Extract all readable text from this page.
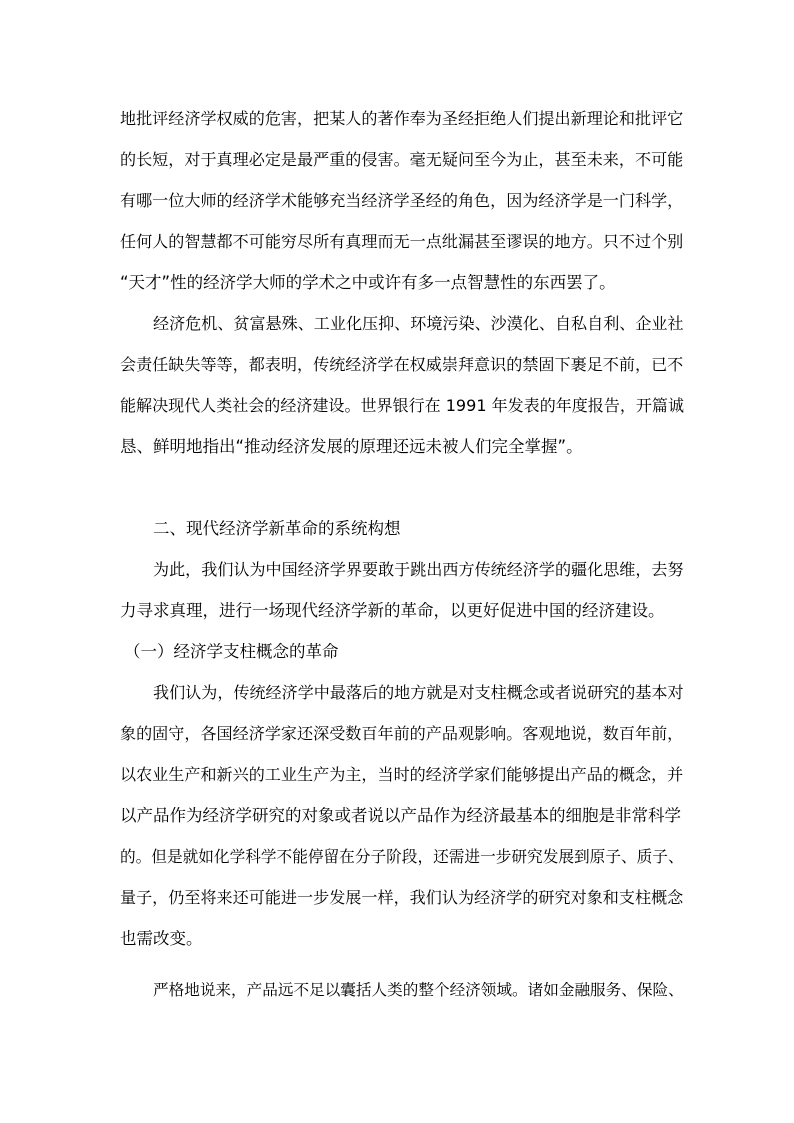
地批评经济学权威的危害，把某人的著作奉为圣经拒绝人们提出新理论和批评它
的长短，对于真理必定是最严重的侵害。毫无疑问至今为止，甚至未来，不可能
有哪一位大师的经济学术能够充当经济学圣经的角色，因为经济学是一门科学，
任何人的智慧都不可能穷尽所有真理而无一点纰漏甚至谬误的地方。只不过个别
“天才”性的经济学大师的学术之中或许有多一点智慧性的东西罢了。
经济危机、贫富悬殊、工业化压抑、环境污染、沙漠化、自私自利、企业社
会责任缺失等等，都表明，传统经济学在权威崇拜意识的禁固下裹足不前，已不
能解决现代人类社会的经济建设。世界银行在 1991 年发表的年度报告，开篇诚
恳、鲜明地指出“推动经济发展的原理还远未被人们完全掌握”。
二、现代经济学新革命的系统构想
为此，我们认为中国经济学界要敢于跳出西方传统经济学的疆化思维，去努
力寻求真理，进行一场现代经济学新的革命，以更好促进中国的经济建设。
（一）经济学支柱概念的革命
我们认为，传统经济学中最落后的地方就是对支柱概念或者说研究的基本对
象的固守，各国经济学家还深受数百年前的产品观影响。客观地说，数百年前，
以农业生产和新兴的工业生产为主，当时的经济学家们能够提出产品的概念，并
以产品作为经济学研究的对象或者说以产品作为经济最基本的细胞是非常科学
的。但是就如化学科学不能停留在分子阶段，还需进一步研究发展到原子、质子、
量子，仍至将来还可能进一步发展一样，我们认为经济学的研究对象和支柱概念
也需改变。
严格地说来，产品远不足以囊括人类的整个经济领域。诸如金融服务、保险、
